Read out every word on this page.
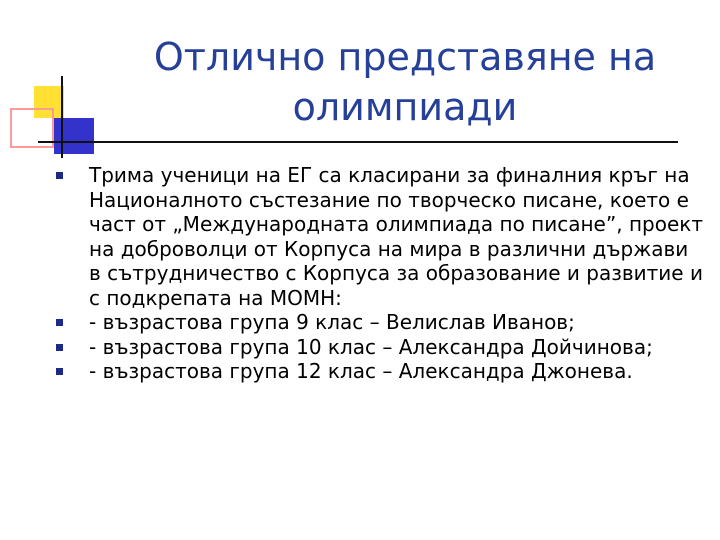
Отлично представяне на олимпиади
Трима ученици на ЕГ са класирани за финалния кръг на Националното състезание по творческо писане, което е част от „Международната олимпиада по писане”, проект на доброволци от Корпуса на мира в различни държави в сътрудничество с Корпуса за образование и развитие и с подкрепата на МОМН:
- възрастова група 9 клас – Велислав Иванов;
- възрастова група 10 клас – Александра Дойчинова;
- възрастова група 12 клас – Александра Джонева.
